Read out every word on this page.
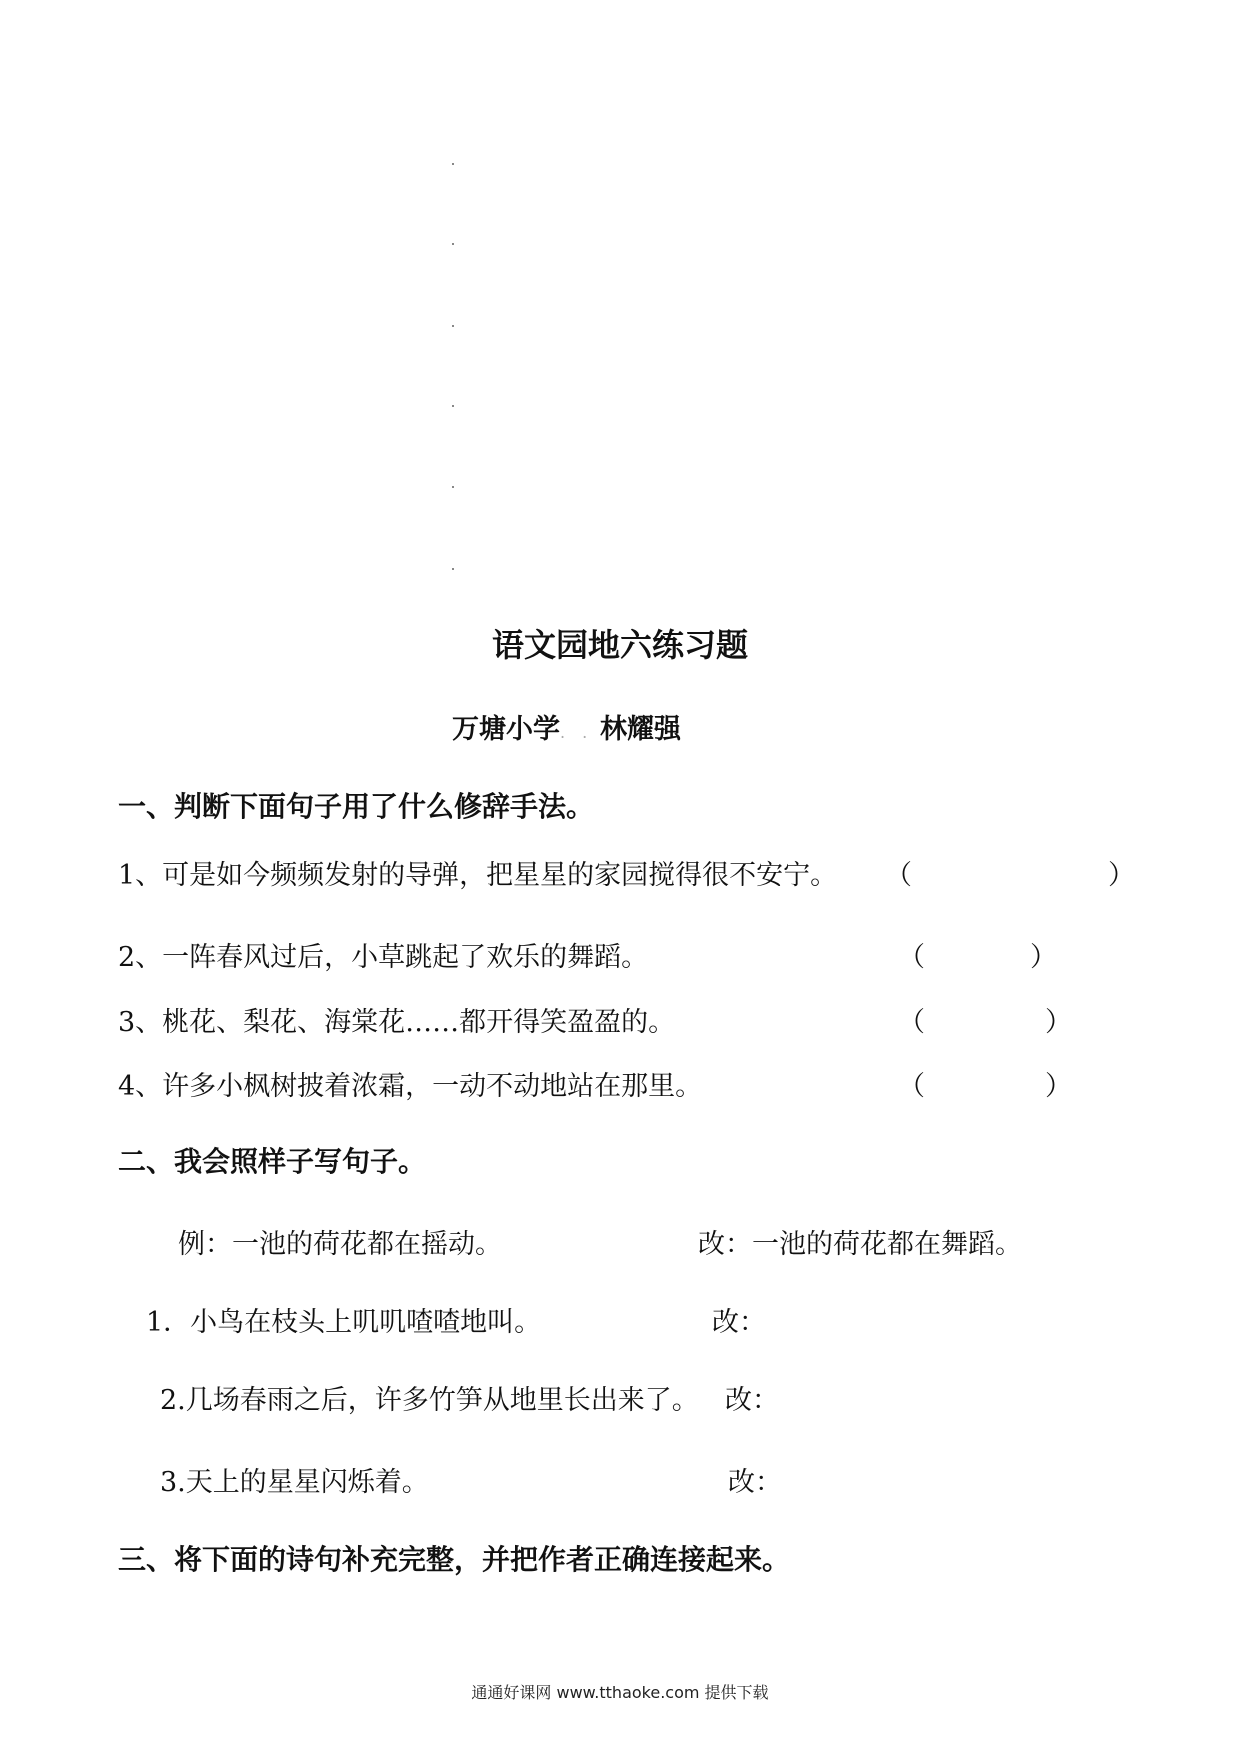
语文园地六练习题
万塘小学. . .林耀强
一、判断下面句子用了什么修辞手法。
1、可是如今频频发射的导弹，把星星的家园搅得很不安宁。 （	）
2、一阵春风过后，小草跳起了欢乐的舞蹈。	（	）
3、桃花、梨花、海棠花……都开得笑盈盈的。	（	）
4、许多小枫树披着浓霜，一动不动地站在那里。	（	）
二、我会照样子写句子。
例：一池的荷花都在摇动。	改：一池的荷花都在舞蹈。
1．小鸟在枝头上叽叽喳喳地叫。	改：
2.几场春雨之后，许多竹笋从地里长出来了。 改：
3.天上的星星闪烁着。	改：
三、将下面的诗句补充完整，并把作者正确连接起来。
通通好课网 www.tthaoke.com 提供下载
